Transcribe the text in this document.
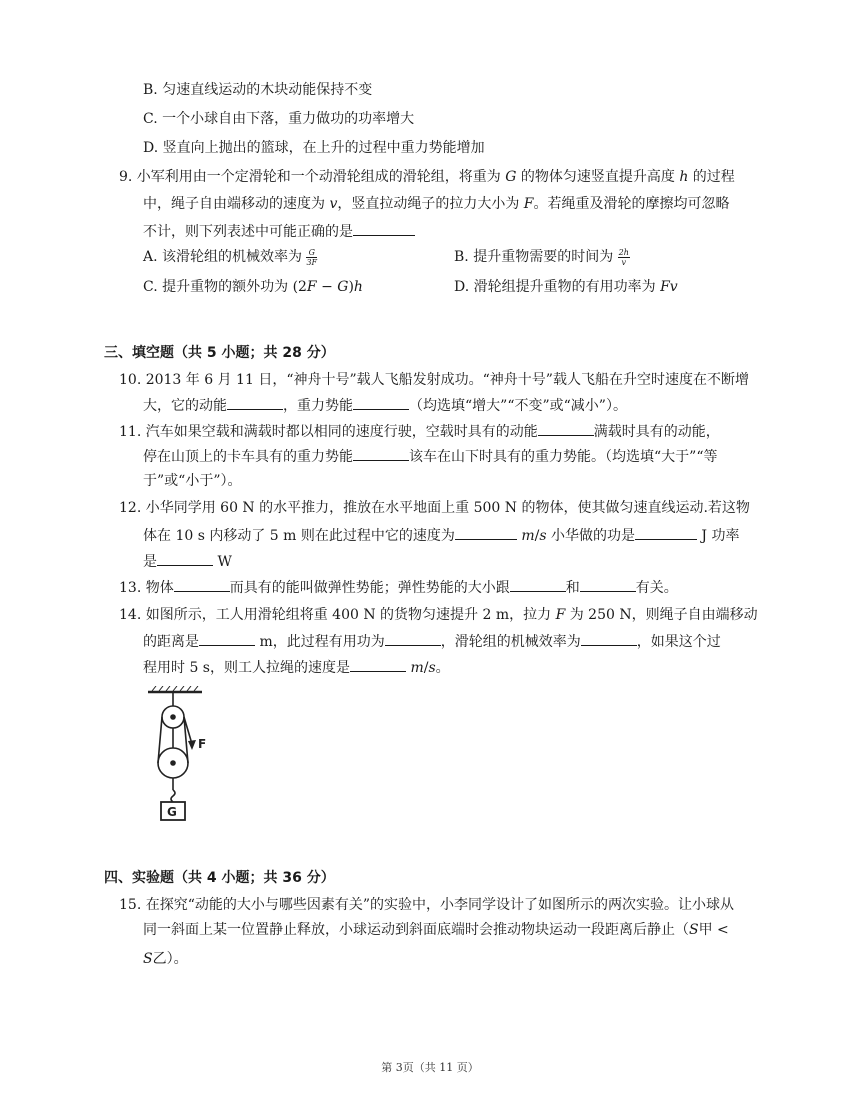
B. 匀速直线运动的木块动能保持不变
C. 一个小球自由下落，重力做功的功率增大
D. 竖直向上抛出的篮球，在上升的过程中重力势能增加
9. 小军利用由一个定滑轮和一个动滑轮组成的滑轮组，将重为 𝐺 的物体匀速竖直提升高度 ℎ 的过程
中，绳子自由端移动的速度为 𝑣，竖直拉动绳子的拉力大小为 𝐹。若绳重及滑轮的摩擦均可忽略
不计，则下列表述中可能正确的是
A. 该滑轮组的机械效率为 $\frac{G}{3F}$	B. 提升重物需要的时间为 $\frac{2h}{v}$
C. 提升重物的额外功为 (2𝐹 − 𝐺)ℎ	D. 滑轮组提升重物的有用功率为 𝐹𝑣
三、填空题（共 5 小题；共 28 分）
10. 2013 年 6 月 11 日，“神舟十号”载人飞船发射成功。“神舟十号”载人飞船在升空时速度在不断增
大，它的动能	，重力势能	（均选填“增大”“不变”或“减小”）。
11. 汽车如果空载和满载时都以相同的速度行驶，空载时具有的动能	满载时具有的动能，
停在山顶上的卡车具有的重力势能	该车在山下时具有的重力势能。（均选填“大于”“等
于”或“小于”）。
12. 小华同学用 60 N 的水平推力，推放在水平地面上重 500 N 的物体，使其做匀速直线运动.若这物
体在 10 s 内移动了 5 m 则在此过程中它的速度为	𝑚/𝑠 小华做的功是	J 功率
是	W
13. 物体	而具有的能叫做弹性势能；弹性势能的大小跟	和	有关。
14. 如图所示，工人用滑轮组将重 400 N 的货物匀速提升 2 m，拉力 𝐹 为 250 N，则绳子自由端移动
的距离是	m，此过程有用功为	，滑轮组的机械效率为	，如果这个过
程用时 5 s，则工人拉绳的速度是	𝑚/𝑠。
F
G
四、实验题（共 4 小题；共 36 分）
15. 在探究“动能的大小与哪些因素有关”的实验中，小李同学设计了如图所示的两次实验。让小球从
同一斜面上某一位置静止释放，小球运动到斜面底端时会推动物块运动一段距离后静止（𝑆甲 <
𝑆乙）。
第 3页（共 11 页）
